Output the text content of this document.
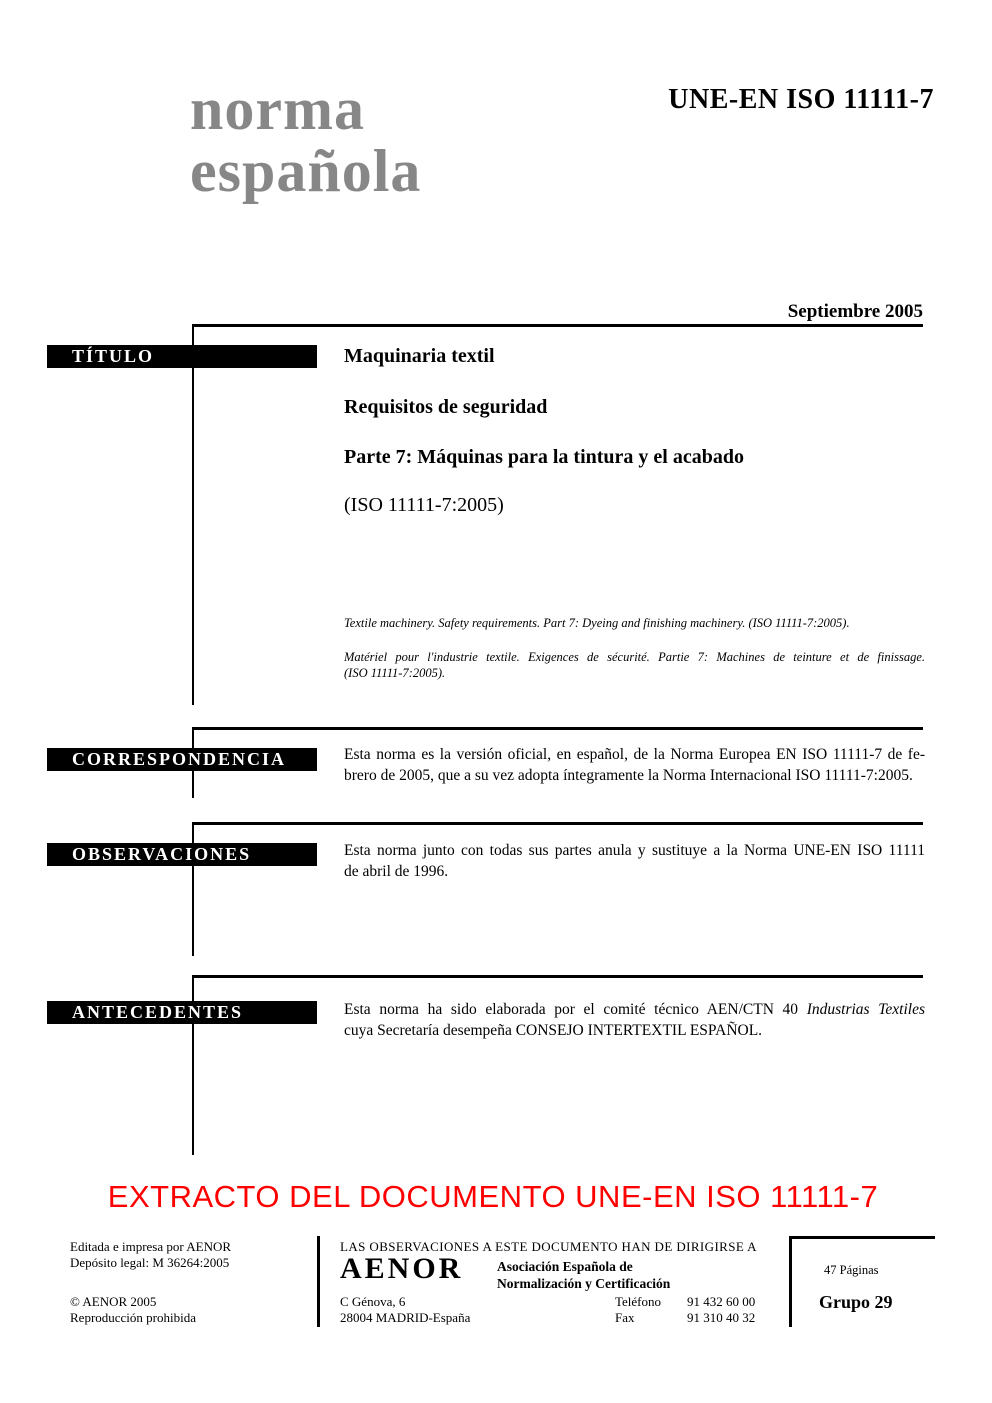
norma
española
UNE-EN ISO 11111-7
Septiembre 2005
TÍTULO	Maquinaria textil
Requisitos de seguridad
Parte 7: Máquinas para la tintura y el acabado
(ISO 11111-7:2005)
Textile machinery. Safety requirements. Part 7: Dyeing and finishing machinery. (ISO 11111-7:2005).
Matériel pour l'industrie textile. Exigences de sécurité. Partie 7: Machines de teinture et de finissage.
(ISO 11111-7:2005).
CORRESPONDENCIA	Esta norma es la versión oficial, en español, de la Norma Europea EN ISO 11111-7 de fe-
brero de 2005, que a su vez adopta íntegramente la Norma Internacional ISO 11111-7:2005.
OBSERVACIONES	Esta norma junto con todas sus partes anula y sustituye a la Norma UNE-EN ISO 11111
de abril de 1996.
ANTECEDENTES	Esta norma ha sido elaborada por el comité técnico AEN/CTN 40 Industrias Textiles
cuya Secretaría desempeña CONSEJO INTERTEXTIL ESPAÑOL.
EXTRACTO DEL DOCUMENTO UNE-EN ISO 11111-7
Editada e impresa por AENOR
Depósito legal: M 36264:2005
© AENOR 2005
Reproducción prohibida
LAS OBSERVACIONES A ESTE DOCUMENTO HAN DE DIRIGIRSE A
AENOR Asociación Española de
Normalización y Certificación
C Génova, 6
28004 MADRID-España
Teléfono 91 432 60 00
Fax	91 310 40 32
47 Páginas
Grupo 29
